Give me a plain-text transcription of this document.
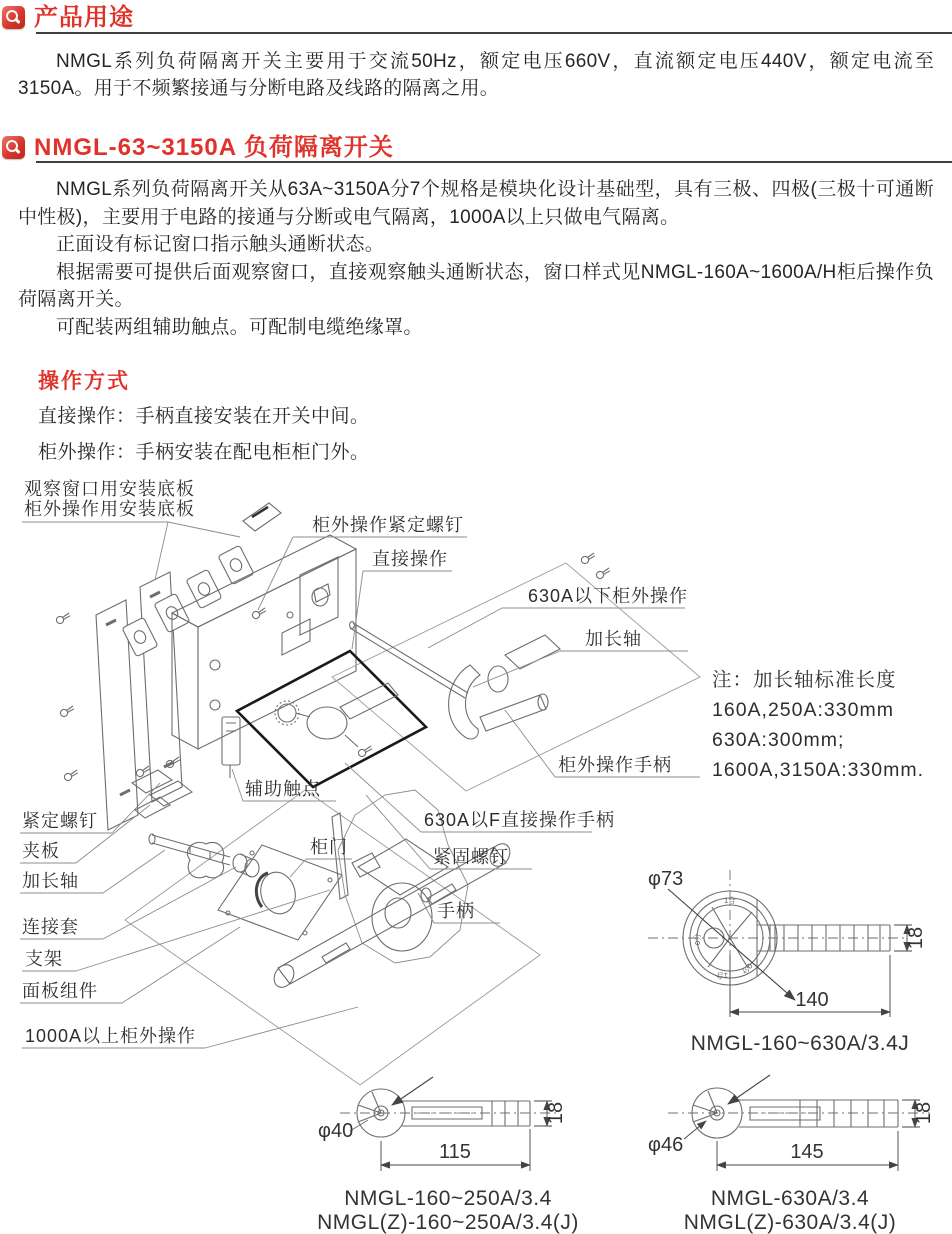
产品用途

NMGL系列负荷隔离开关主要用于交流50Hz，额定电压660V，直流额定电压440V，额定电流至3150A。用于不频繁接通与分断电路及线路的隔离之用。

NMGL-63~3150A 负荷隔离开关

NMGL系列负荷隔离开关从63A~3150A分7个规格是模块化设计基础型，具有三极、四极(三极十可通断中性极)，主要用于电路的接通与分断或电气隔离，1000A以上只做电气隔离。

正面设有标记窗口指示触头通断状态。

根据需要可提供后面观察窗口，直接观察触头通断状态，窗口样式见NMGL-160A~1600A/H柜后操作负荷隔离开关。

可配装两组辅助触点。可配制电缆绝缘罩。

操作方式

直接操作：手柄直接安装在开关中间。

柜外操作：手柄安装在配电柜柜门外。

观察窗口用安装底板
柜外操作用安装底板
柜外操作紧定螺钉
直接操作
630A以下柜外操作
加长轴
柜外操作手柄
辅助触点
紧定螺钉
夹板
加长轴
连接套
支架
面板组件
1000A以上柜外操作
630A以F直接操作手柄
紧固螺钉
柜门
手柄
注：加长轴标准长度
160A,250A:330mm
630A:300mm;
1600A,3150A:330mm.
φ73
1合
0分
0分
1合
140
18
NMGL-160~630A/3.4J
φ40
115
18
NMGL-160~250A/3.4
NMGL(Z)-160~250A/3.4(J)
φ46	145
18
NMGL-630A/3.4
NMGL(Z)-630A/3.4(J)
